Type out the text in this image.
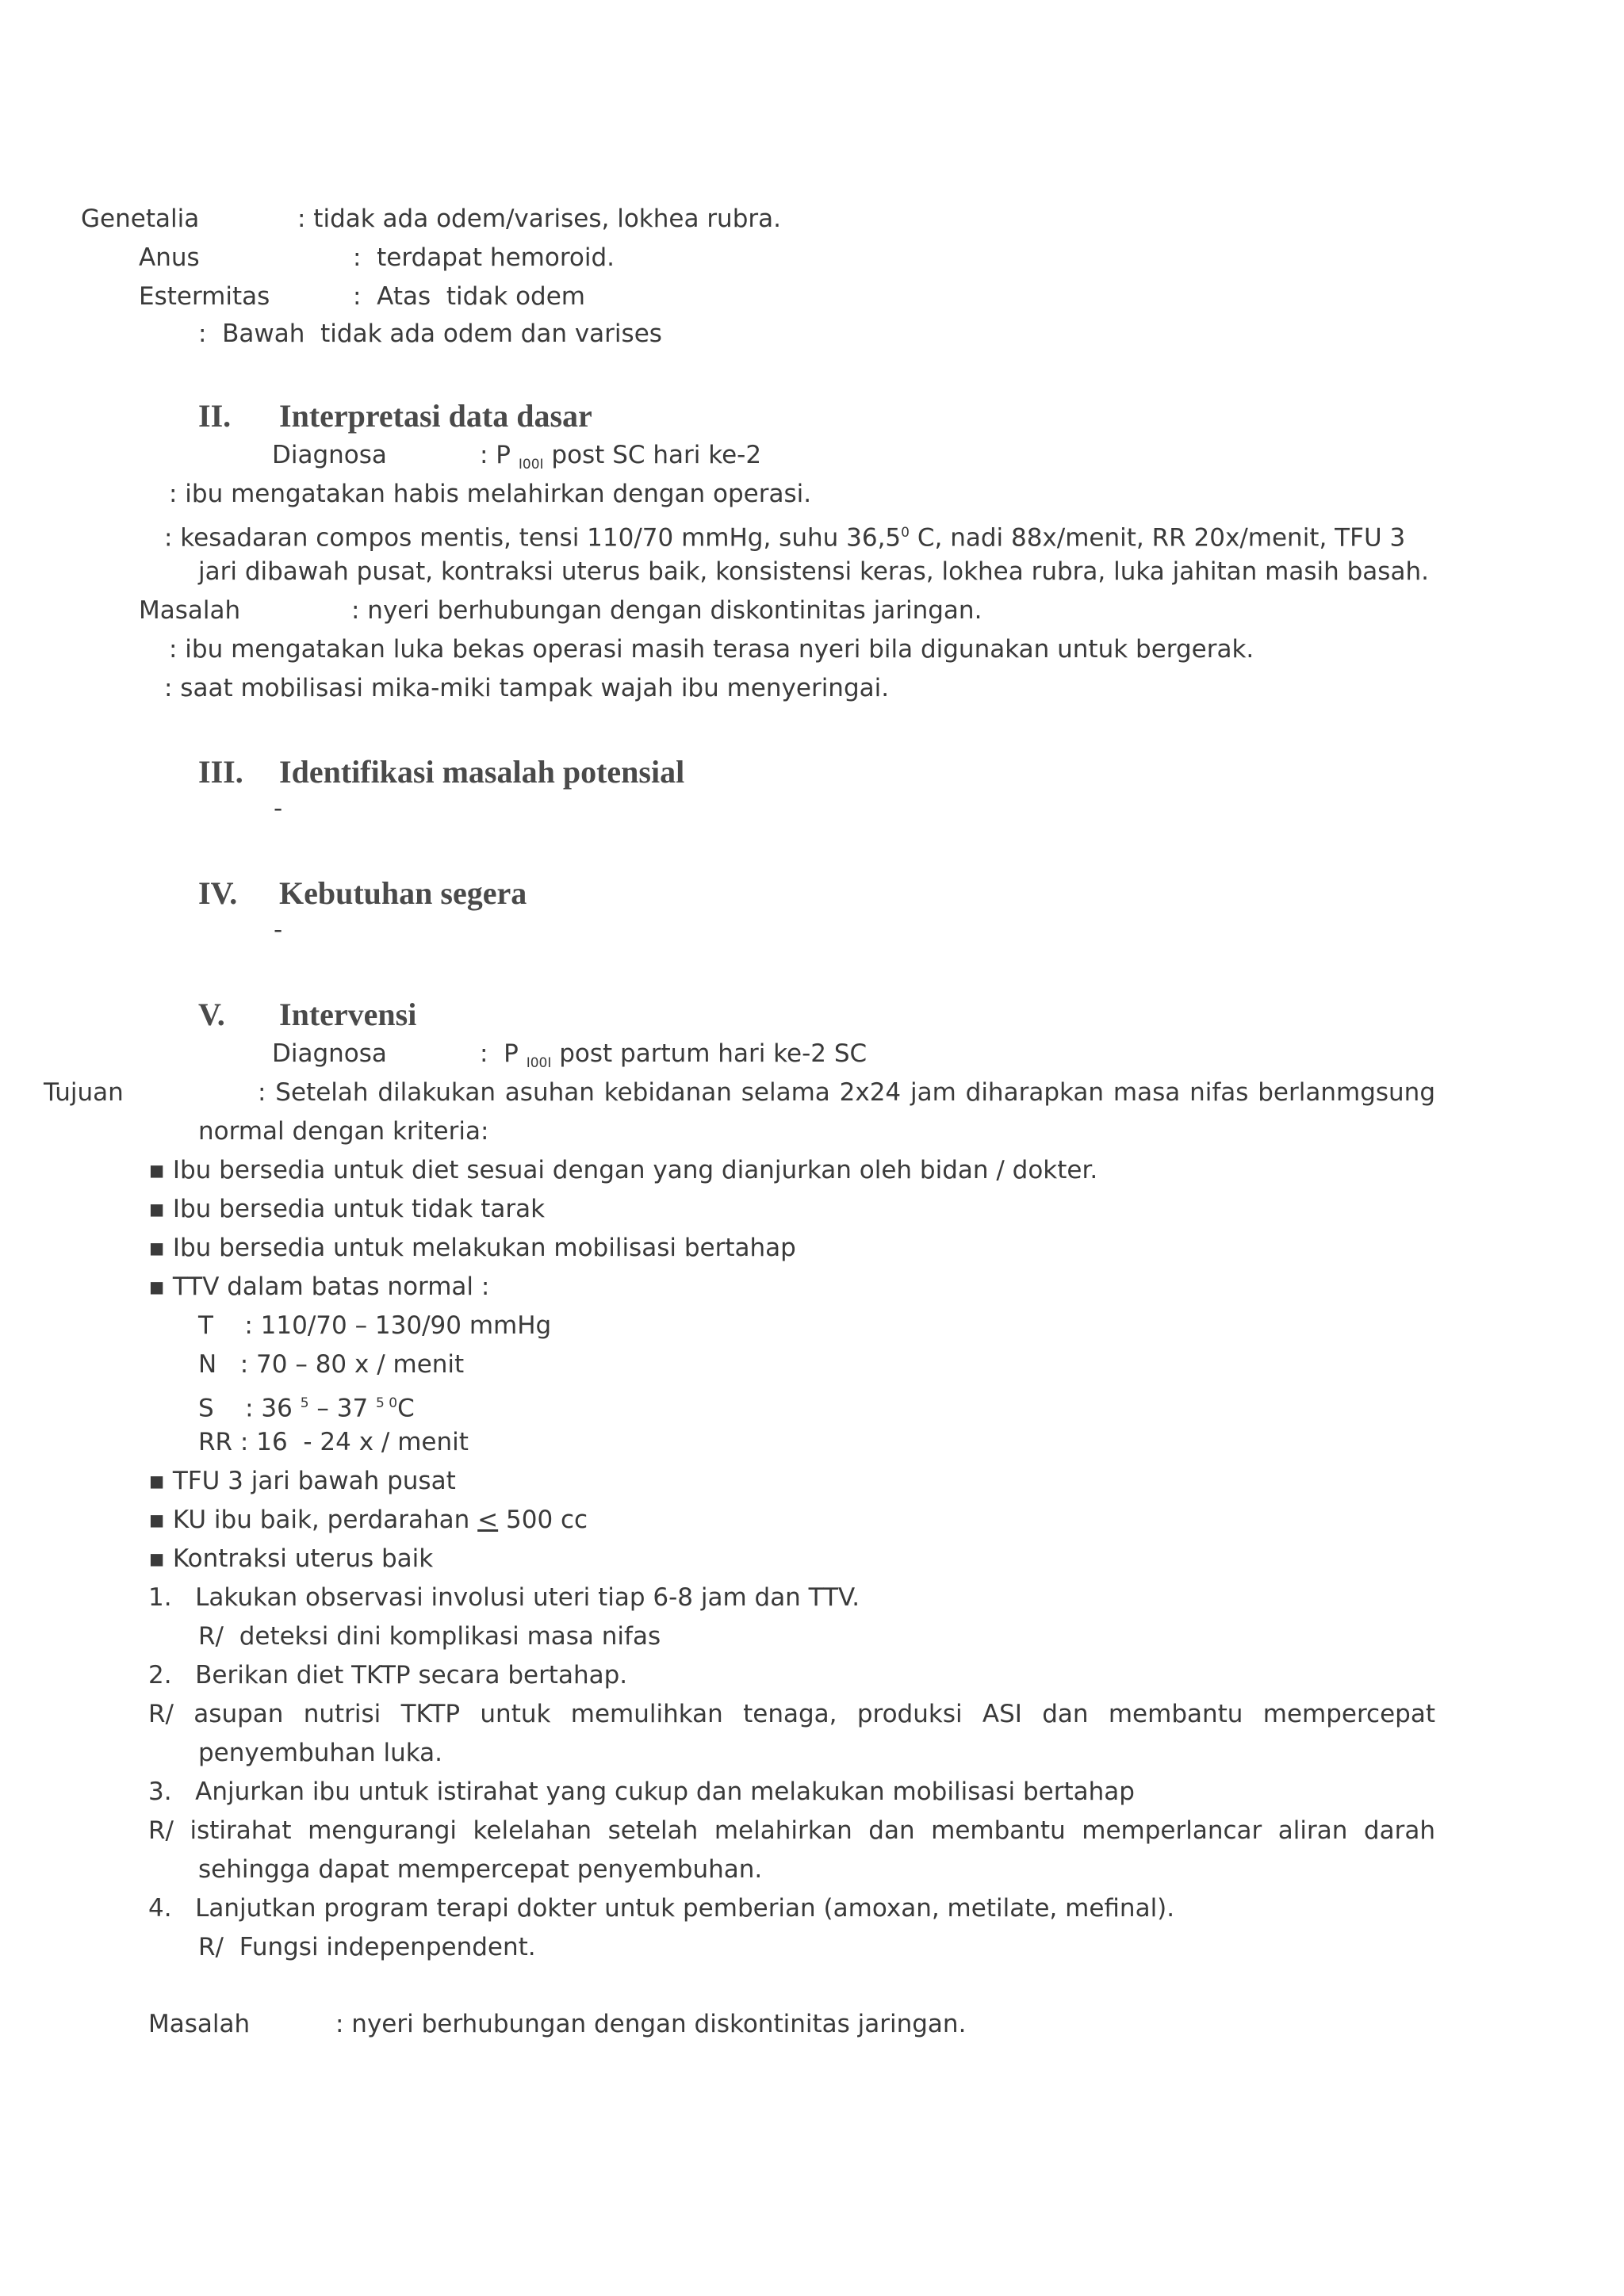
Genetalia	: tidak ada odem/varises, lokhea rubra.
Anus	:  terdapat hemoroid.
Estermitas	:  Atas  tidak odem
:  Bawah  tidak ada odem dan varises
II. Interpretasi data dasar
Diagnosa	: P $_{I00I}$ post SC hari ke-2
: ibu mengatakan habis melahirkan dengan operasi.
: kesadaran compos mentis, tensi 110/70 mmHg, suhu 36,5$^0$ C, nadi 88x/menit, RR 20x/menit, TFU 3
jari dibawah pusat, kontraksi uterus baik, konsistensi keras, lokhea rubra, luka jahitan masih basah.
Masalah	: nyeri berhubungan dengan diskontinitas jaringan.
: ibu mengatakan luka bekas operasi masih terasa nyeri bila digunakan untuk bergerak.
: saat mobilisasi mika-miki tampak wajah ibu menyeringai.
III. Identifikasi masalah potensial
-
IV. Kebutuhan segera
-
V. Intervensi
Diagnosa	:  P $_{I00I}$ post partum hari ke-2 SC
Tujuan	: Setelah dilakukan asuhan kebidanan selama 2x24 jam diharapkan masa nifas berlanmgsung
normal dengan kriteria:
▪ Ibu bersedia untuk diet sesuai dengan yang dianjurkan oleh bidan / dokter.
▪ Ibu bersedia untuk tidak tarak
▪ Ibu bersedia untuk melakukan mobilisasi bertahap
▪ TTV dalam batas normal :
T    : 110/70 – 130/90 mmHg
N   : 70 – 80 x / menit
S    : 36 $^5$ – 37 $^{5 0}$C
RR : 16  - 24 x / menit
▪ TFU 3 jari bawah pusat
▪ KU ibu baik, perdarahan < 500 cc
▪ Kontraksi uterus baik
1.   Lakukan observasi involusi uteri tiap 6-8 jam dan TTV.
R/  deteksi dini komplikasi masa nifas
2.   Berikan diet TKTP secara bertahap.
R/ asupan nutrisi TKTP untuk memulihkan tenaga, produksi ASI dan membantu mempercepat
penyembuhan luka.
3.   Anjurkan ibu untuk istirahat yang cukup dan melakukan mobilisasi bertahap
R/ istirahat mengurangi kelelahan setelah melahirkan dan membantu memperlancar aliran darah
sehingga dapat mempercepat penyembuhan.
4.   Lanjutkan program terapi dokter untuk pemberian (amoxan, metilate, mefinal).
R/  Fungsi indepenpendent.
Masalah	: nyeri berhubungan dengan diskontinitas jaringan.
